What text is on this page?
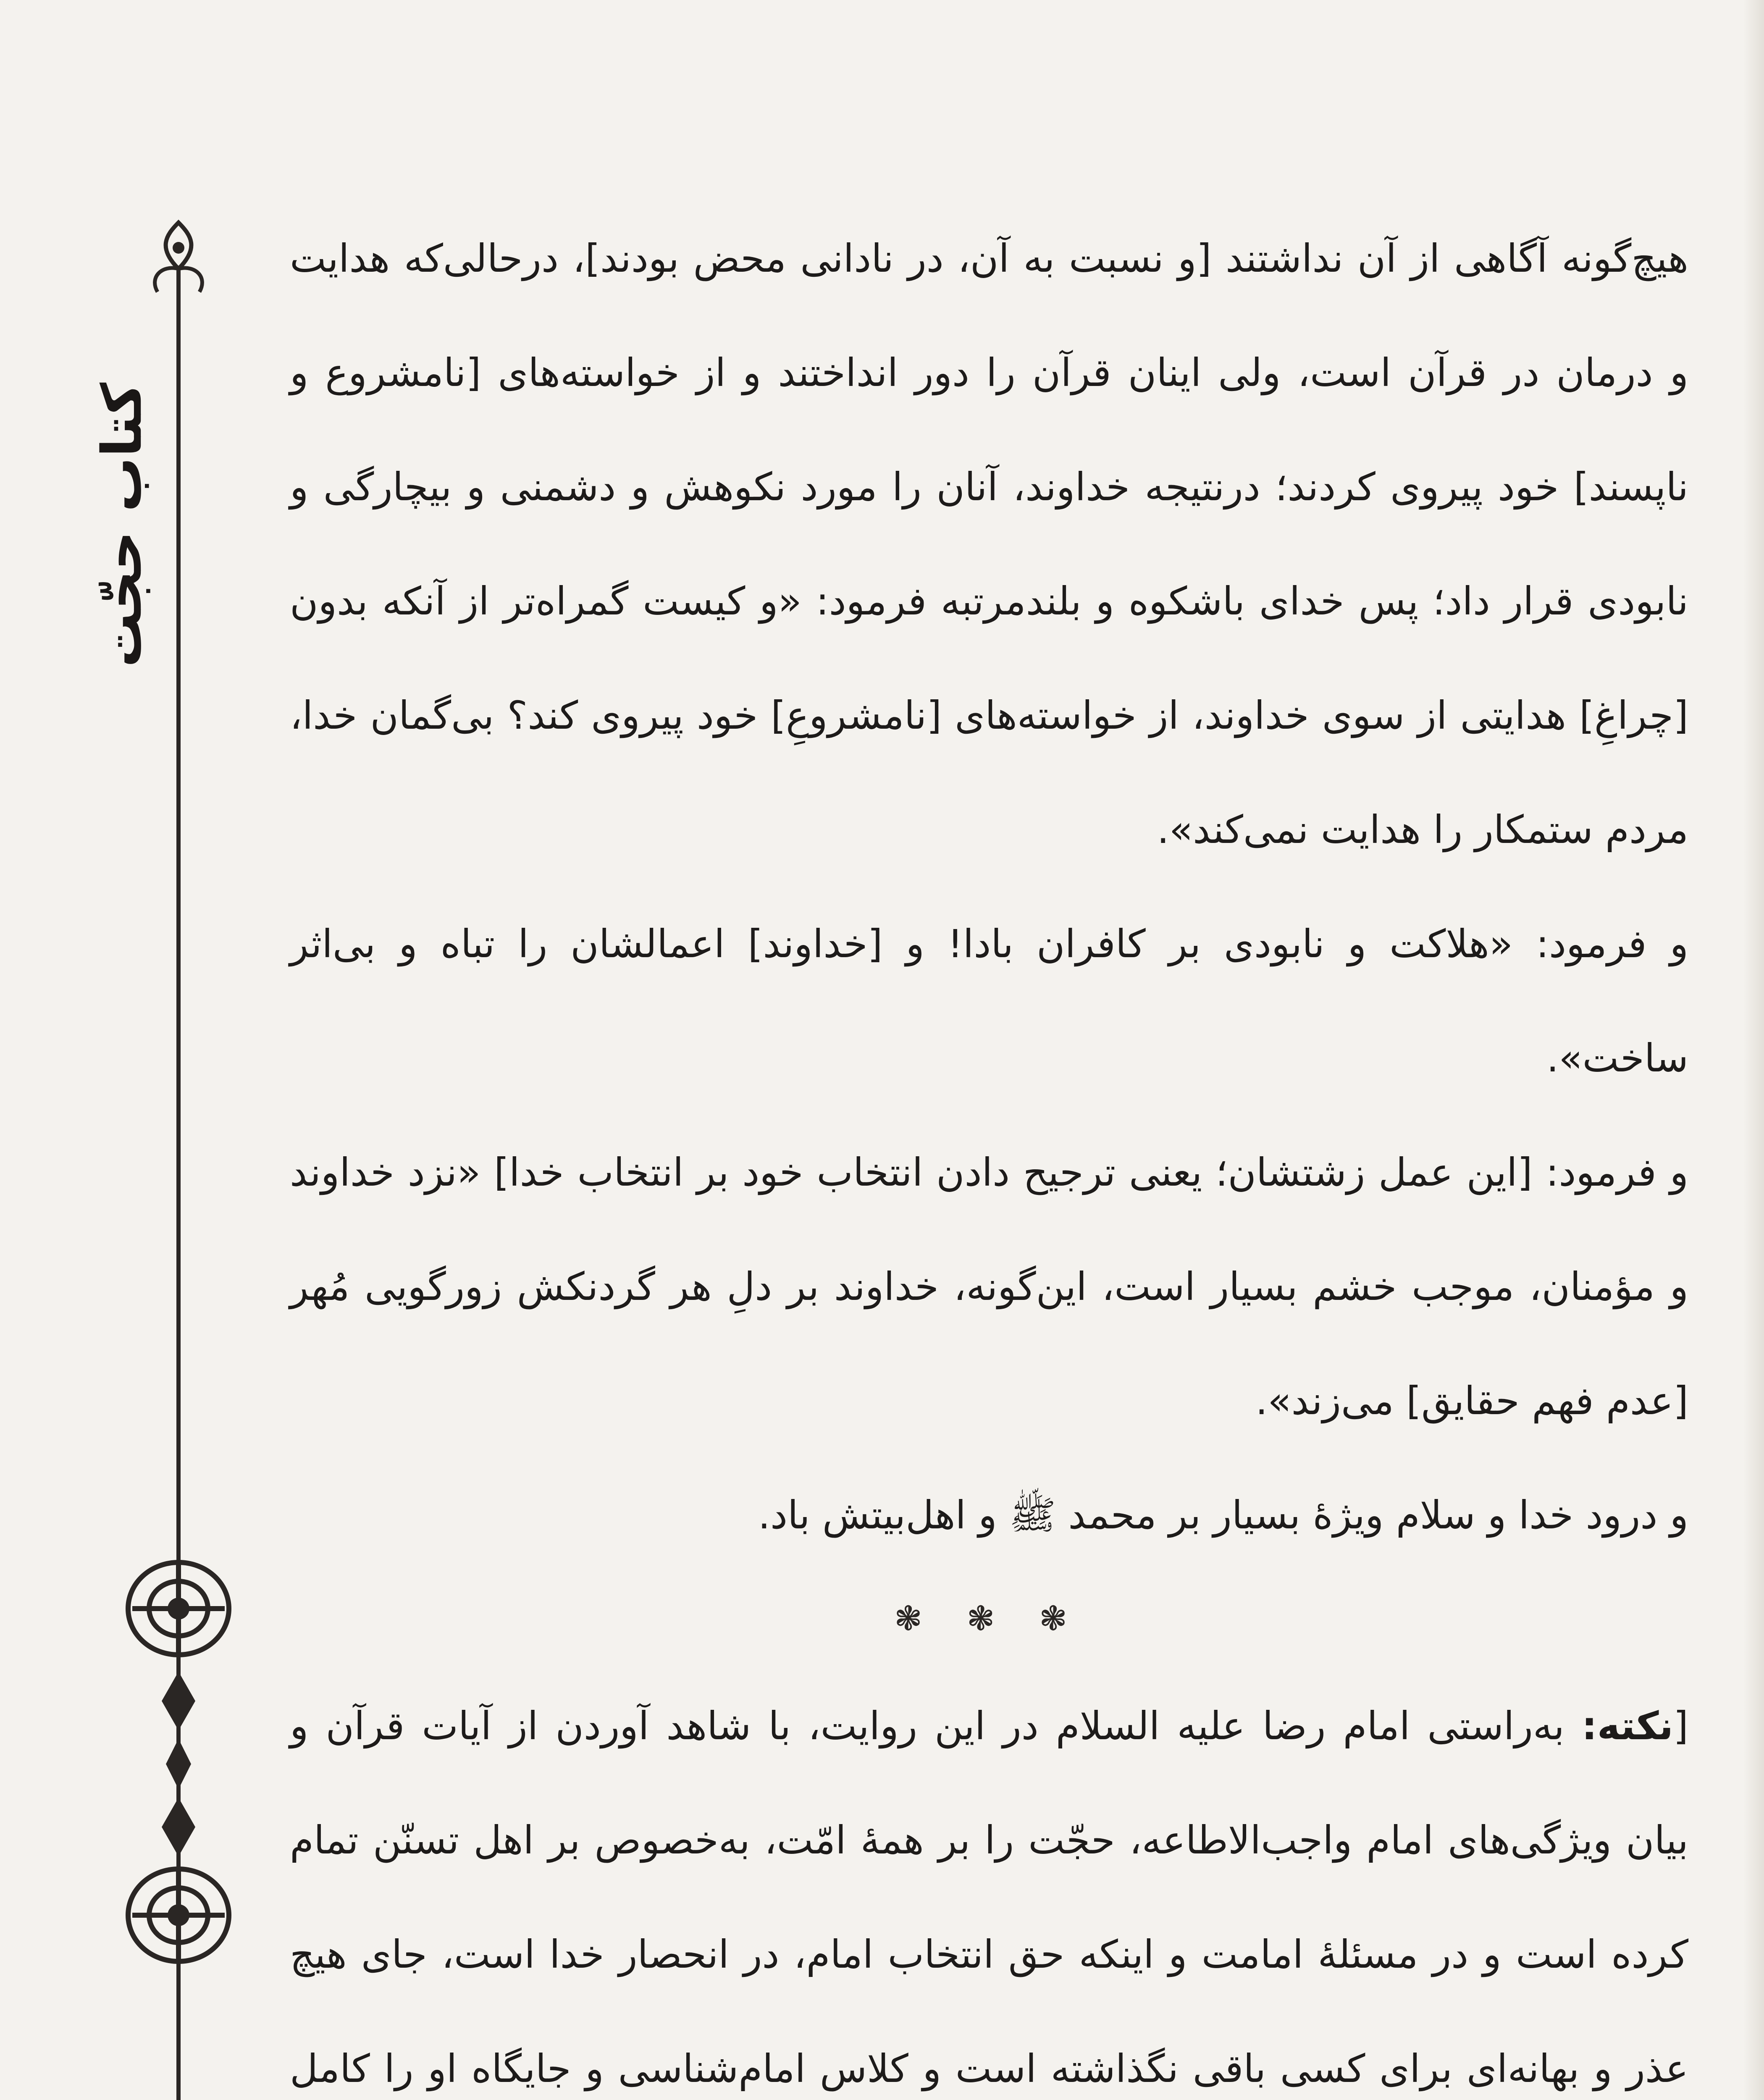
کتاب حجّت

هیچ‌گونه آگاهی از آن نداشتند [و نسبت به آن، در نادانی محض بودند]، درحالی‌که هدایت و درمان در قرآن است، ولی اینان قرآن را دور انداختند و از خواسته‌های [نامشروع و ناپسند] خود پیروی کردند؛ درنتیجه خداوند، آنان را مورد نکوهش و دشمنی و بیچارگی و نابودی قرار داد؛ پس خدای باشکوه و بلندمرتبه فرمود: «و کیست گمراه‌تر از آنکه بدون [چراغِ] هدایتی از سوی خداوند، از خواسته‌های [نامشروعِ] خود پیروی کند؟ بی‌گمان خدا، مردم ستمکار را هدایت نمی‌کند».

و فرمود: «هلاکت و نابودی بر کافران بادا! و [خداوند] اعمالشان را تباه و بی‌اثر ساخت».

و فرمود: [این عمل زشتشان؛ یعنی ترجیح دادن انتخاب خود بر انتخاب خدا] «نزد خداوند و مؤمنان، موجب خشم بسیار است، این‌گونه، خداوند بر دلِ هر گردنکش زورگویی مُهر [عدم فهم حقایق] می‌زند».

و درود خدا و سلام ویژهٔ بسیار بر محمد ﷺ و اهل‌بیتش باد.

❃ ❃ ❃

[نکته: به‌راستی امام رضا علیه السلام در این روایت، با شاهد آوردن از آیات قرآن و بیان ویژگی‌های امام واجب‌الاطاعه، حجّت را بر همهٔ امّت، به‌خصوص بر اهل تسنّن تمام کرده است و در مسئلهٔ امامت و اینکه حق انتخاب امام، در انحصار خدا است، جای هیچ عذر و بهانه‌ای برای کسی باقی نگذاشته است و کلاس امام‌شناسی و جایگاه او را کامل
